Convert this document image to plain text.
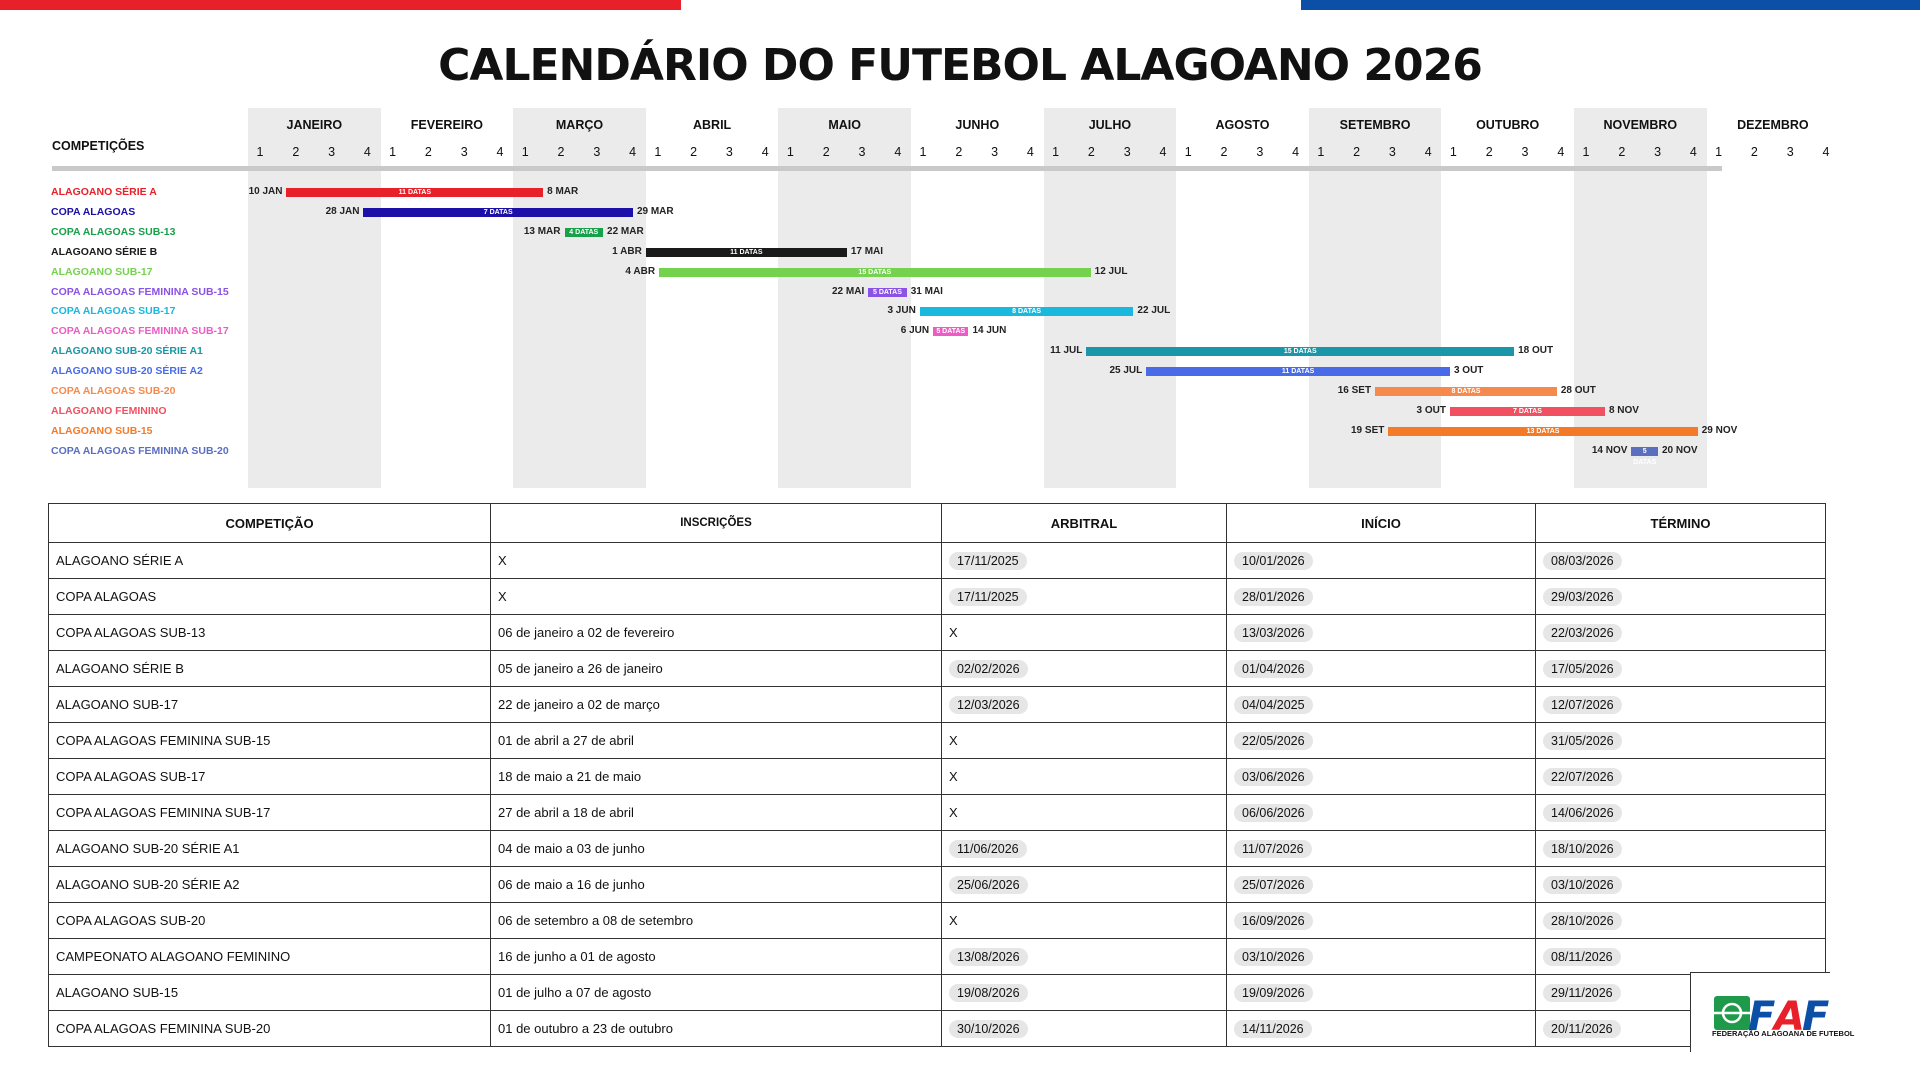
CALENDÁRIO DO FUTEBOL ALAGOANO 2026
COMPETIÇÕES
JANEIRO
1	2	3	4
FEVEREIRO
1	2	3	4
MARÇO
1	2	3	4
ABRIL
1	2	3	4
MAIO
1	2	3	4
JUNHO
1	2	3	4
JULHO
1	2	3	4
AGOSTO
1	2	3	4
SETEMBRO
1	2	3	4
OUTUBRO
1	2	3	4
NOVEMBRO
1	2	3	4
DEZEMBRO
1	2	3	4
ALAGOANO SÉRIE A	11 DATAS
10 JAN	8 MAR
COPA ALAGOAS	7 DATAS
28 JAN	29 MAR
COPA ALAGOAS SUB-13	4 DATAS
13 MAR	22 MAR
ALAGOANO SÉRIE B	11 DATAS
1 ABR	17 MAI
ALAGOANO SUB-17	15 DATAS
4 ABR	12 JUL
COPA ALAGOAS FEMININA SUB-15	5 DATAS
22 MAI	31 MAI
COPA ALAGOAS SUB-17	8 DATAS
3 JUN	22 JUL
COPA ALAGOAS FEMININA SUB-17	5 DATAS
6 JUN	14 JUN
ALAGOANO SUB-20 SÉRIE A1	15 DATAS
11 JUL	18 OUT
ALAGOANO SUB-20 SÉRIE A2	11 DATAS
25 JUL	3 OUT
COPA ALAGOAS SUB-20	8 DATAS
16 SET	28 OUT
ALAGOANO FEMININO	7 DATAS
3 OUT	8 NOV
ALAGOANO SUB-15	13 DATAS
19 SET	29 NOV
COPA ALAGOAS FEMININA SUB-20	5 DATAS
14 NOV	20 NOV
COMPETIÇÃO	INSCRIÇÕES	ARBITRAL	INÍCIO	TÉRMINO
ALAGOANO SÉRIE A	X	17/11/2025	10/01/2026	08/03/2026
COPA ALAGOAS	X	17/11/2025	28/01/2026	29/03/2026
COPA ALAGOAS SUB-13	06 de janeiro a 02 de fevereiro	X	13/03/2026	22/03/2026
ALAGOANO SÉRIE B	05 de janeiro a 26 de janeiro	02/02/2026	01/04/2026	17/05/2026
ALAGOANO SUB-17	22 de janeiro a 02 de março	12/03/2026	04/04/2025	12/07/2026
COPA ALAGOAS FEMININA SUB-15	01 de abril a 27 de abril	X	22/05/2026	31/05/2026
COPA ALAGOAS SUB-17	18 de maio a 21 de maio	X	03/06/2026	22/07/2026
COPA ALAGOAS FEMININA SUB-17	27 de abril a 18 de abril	X	06/06/2026	14/06/2026
ALAGOANO SUB-20 SÉRIE A1	04 de maio a 03 de junho	11/06/2026	11/07/2026	18/10/2026
ALAGOANO SUB-20 SÉRIE A2	06 de maio a 16 de junho	25/06/2026	25/07/2026	03/10/2026
COPA ALAGOAS SUB-20	06 de setembro a 08 de setembro	X	16/09/2026	28/10/2026
CAMPEONATO ALAGOANO FEMININO	16 de junho a 01 de agosto	13/08/2026	03/10/2026	08/11/2026
ALAGOANO SUB-15	01 de julho a 07 de agosto	19/08/2026	19/09/2026	29/11/2026
COPA ALAGOAS FEMININA SUB-20	01 de outubro a 23 de outubro	30/10/2026	14/11/2026	20/11/2026	F
A
F
FEDERAÇÃO ALAGOANA DE FUTEBOL
